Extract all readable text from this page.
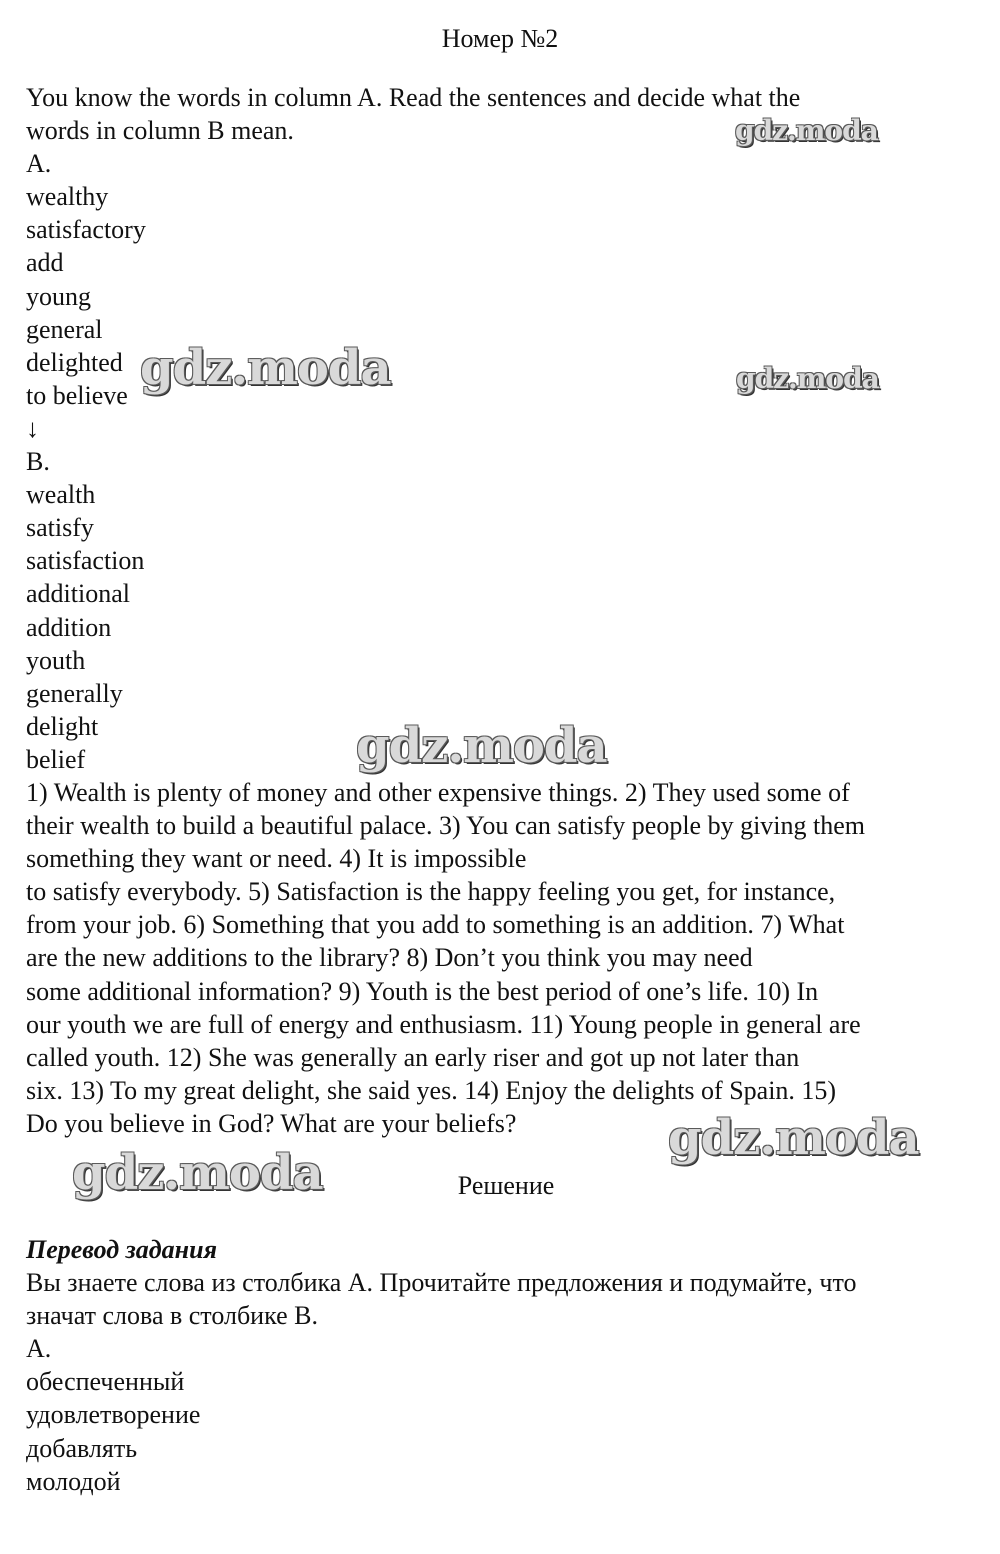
Номер №2
You know the words in column A. Read the sentences and decide what the
words in column B mean.
A.
wealthy
satisfactory
add
young
general
delighted
to believe
↓
B.
wealth
satisfy
satisfaction
additional
addition
youth
generally
delight
belief
1) Wealth is plenty of money and other expensive things. 2) They used some of
their wealth to build a beautiful palace. 3) You can satisfy people by giving them
something they want or need. 4) It is impossible
to satisfy everybody. 5) Satisfaction is the happy feeling you get, for instance,
from your job. 6) Something that you add to something is an addition. 7) What
are the new additions to the library? 8) Don’t you think you may need
some additional information? 9) Youth is the best period of one’s life. 10) In
our youth we are full of energy and enthusiasm. 11) Young people in general are
called youth. 12) She was generally an early riser and got up not later than
six. 13) To my great delight, she said yes. 14) Enjoy the delights of Spain. 15)
Do you believe in God? What are your beliefs?
Решение
Перевод задания
Вы знаете слова из столбика А. Прочитайте предложения и подумайте, что
значат слова в столбике В.
А.
обеспеченный
удовлетворение
добавлять
молодой
gdz.moda
gdz.moda	gdz.moda
gdz.moda
gdz.moda
gdz.moda
